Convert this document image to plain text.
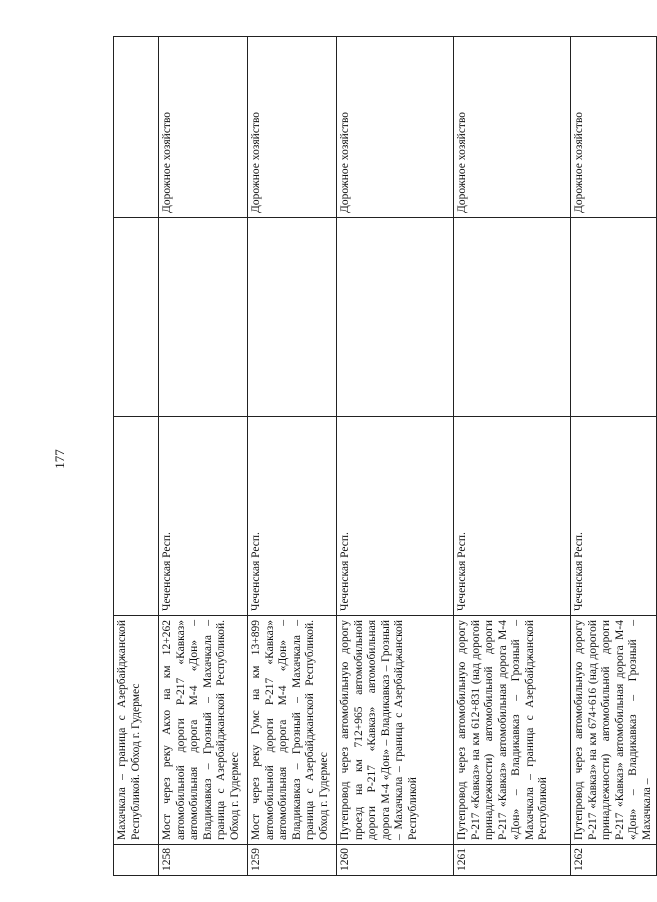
177
	Махачкала – граница с Азербайджанской Республикой. Обход г. Гудермес			
1258	Мост через реку Акхо на км 12+262 автомобильной дороги Р-217 «Кавказ» автомобильная дорога М-4 «Дон» – Владикавказ – Грозный – Махачкала – граница с Азербайджанской Республикой. Обход г. Гудермес	Чеченская Респ.		Дорожное хозяйство
1259	Мост через реку Гумс на км 13+899 автомобильной дороги Р-217 «Кавказ» автомобильная дорога М-4 «Дон» – Владикавказ – Грозный – Махачкала – граница с Азербайджанской Республикой. Обход г. Гудермес	Чеченская Респ.		Дорожное хозяйство
1260	Путепровод через автомобильную дорогу проезд на км 712+965 автомобильной дороги Р-217 «Кавказ» автомобильная дорога М-4 «Дон» – Владикавказ – Грозный – Махачкала – граница с Азербайджанской Республикой	Чеченская Респ.		Дорожное хозяйство
1261	Путепровод через автомобильную дорогу Р-217 «Кавказ» на км 612+831 (над дорогой принадлежности) автомобильной дороги Р-217 «Кавказ» автомобильная дорога М-4 «Дон» – Владикавказ – Грозный – Махачкала – граница с Азербайджанской Республикой	Чеченская Респ.		Дорожное хозяйство
1262	Путепровод через автомобильную дорогу Р-217 «Кавказ» на км 674+616 (над дорогой принадлежности) автомобильной дороги Р-217 «Кавказ» автомобильная дорога М-4 «Дон» – Владикавказ – Грозный – Махачкала –	Чеченская Респ.		Дорожное хозяйство
